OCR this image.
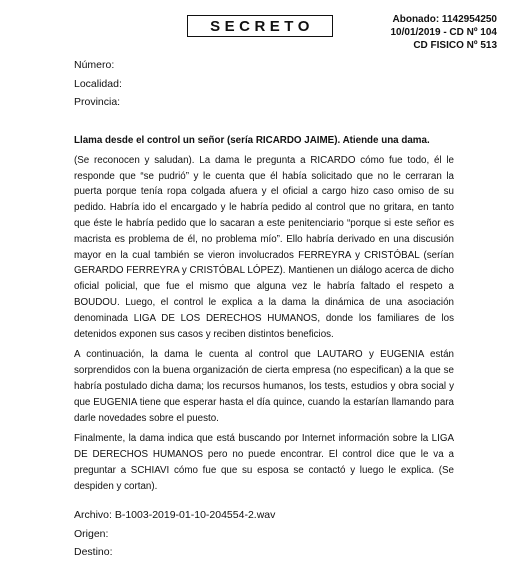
SECRETO	Abonado: 1142954250
10/01/2019 - CD Nº 104
CD FISICO Nº 513
Número:
Localidad:
Provincia:

Llama desde el control un señor (sería RICARDO JAIME). Atiende una dama.

(Se reconocen y saludan). La dama le pregunta a RICARDO cómo fue todo, él le responde que “se pudrió” y le cuenta que él había solicitado que no le cerraran la puerta porque tenía ropa colgada afuera y el oficial a cargo hizo caso omiso de su pedido. Habría ido el encargado y le habría pedido al control que no gritara, en tanto que éste le habría pedido que lo sacaran a este penitenciario “porque si este señor es macrista es problema de él, no problema mío”. Ello habría derivado en una discusión mayor en la cual también se vieron involucrados FERREYRA y CRISTÓBAL (serían GERARDO FERREYRA y CRISTÓBAL LÓPEZ). Mantienen un diálogo acerca de dicho oficial policial, que fue el mismo que alguna vez le habría faltado el respeto a BOUDOU. Luego, el control le explica a la dama la dinámica de una asociación denominada LIGA DE LOS DERECHOS HUMANOS, donde los familiares de los detenidos exponen sus casos y reciben distintos beneficios.

A continuación, la dama le cuenta al control que LAUTARO y EUGENIA están sorprendidos con la buena organización de cierta empresa (no especifican) a la que se habría postulado dicha dama; los recursos humanos, los tests, estudios y obra social y que EUGENIA tiene que esperar hasta el día quince, cuando la estarían llamando para darle novedades sobre el puesto.

Finalmente, la dama indica que está buscando por Internet información sobre la LIGA DE DERECHOS HUMANOS pero no puede encontrar. El control dice que le va a preguntar a SCHIAVI cómo fue que su esposa se contactó y luego le explica. (Se despiden y cortan).

Archivo: B-1003-2019-01-10-204554-2.wav
Origen:
Destino:
